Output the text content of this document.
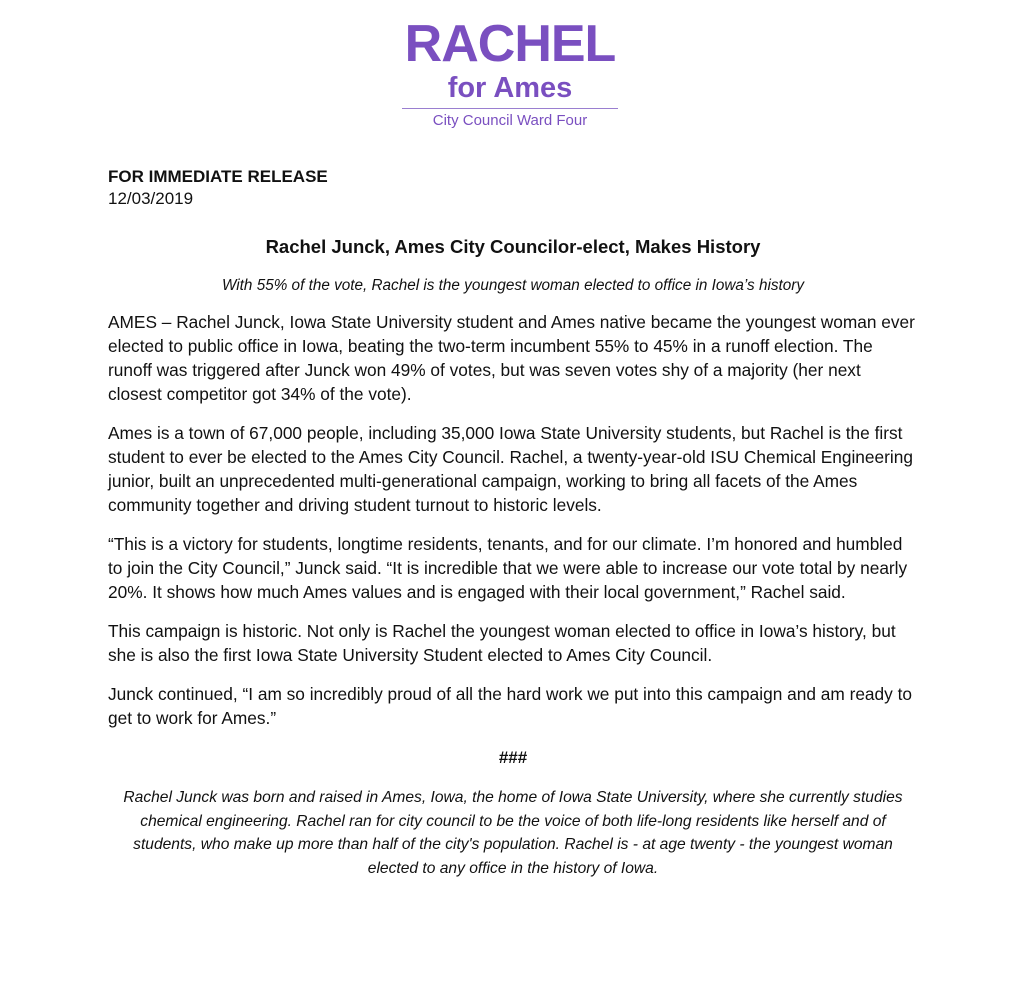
RACHEL
for Ames
City Council Ward Four
FOR IMMEDIATE RELEASE
12/03/2019
Rachel Junck, Ames City Councilor-elect, Makes History
With 55% of the vote, Rachel is the youngest woman elected to office in Iowa’s history

AMES – Rachel Junck, Iowa State University student and Ames native became the youngest woman ever elected to public office in Iowa, beating the two-term incumbent 55% to 45% in a runoff election. The runoff was triggered after Junck won 49% of votes, but was seven votes shy of a majority (her next closest competitor got 34% of the vote).

Ames is a town of 67,000 people, including 35,000 Iowa State University students, but Rachel is the first student to ever be elected to the Ames City Council. Rachel, a twenty-year-old ISU Chemical Engineering junior, built an unprecedented multi-generational campaign, working to bring all facets of the Ames community together and driving student turnout to historic levels.

“This is a victory for students, longtime residents, tenants, and for our climate. I’m honored and humbled to join the City Council,” Junck said. “It is incredible that we were able to increase our vote total by nearly 20%. It shows how much Ames values and is engaged with their local government,” Rachel said.

This campaign is historic. Not only is Rachel the youngest woman elected to office in Iowa’s history, but she is also the first Iowa State University Student elected to Ames City Council.

Junck continued, “I am so incredibly proud of all the hard work we put into this campaign and am ready to get to work for Ames.”

###
Rachel Junck was born and raised in Ames, Iowa, the home of Iowa State University, where she currently studies chemical engineering. Rachel ran for city council to be the voice of both life-long residents like herself and of students, who make up more than half of the city's population. Rachel is - at age twenty - the youngest woman elected to any office in the history of Iowa.
